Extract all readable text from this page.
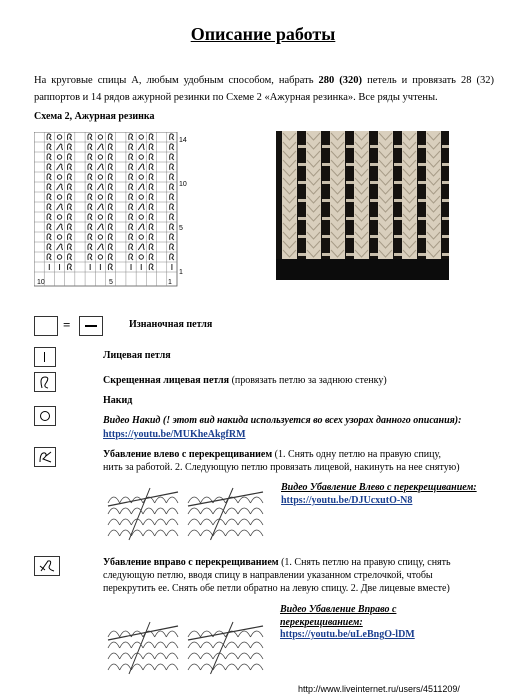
Описание работы
На круговые спицы А, любым удобным способом, набрать 280 (320) петель и провязать 28 (32) раппортов и 14 рядов ажурной резинки по Схеме 2 «Ажурная резинка». Все ряды учтены.
Схема 2, Ажурная резинка
14
10
5
1
10	5	1
=	Изнаночная петля
Лицевая петля
Скрещенная лицевая петля (провязать петлю за заднюю стенку)
Накид
Видео Накид (! этот вид накида используется во всех узорах данного описания):
https://youtu.be/MUKheAkgfRM
Убавление влево с перекрещиванием (1. Снять одну петлю на правую спицу, нить за работой. 2. Следующую петлю провязать лицевой, накинуть на нее снятую)
Видео Убавление Влево с перекрещиванием:
https://youtu.be/DJUcxutO-N8
Убавление вправо с перекрещиванием (1. Снять петлю на правую спицу, снять следующую петлю, вводя спицу в направлении указанном стрелочкой, чтобы перекрутить ее. Снять обе петли обратно на левую спицу. 2. Две лицевые вместе)
Видео Убавление Вправо с перекрещиванием:
https://youtu.be/uLeBngO-lDM
http://www.liveinternet.ru/users/4511209/
